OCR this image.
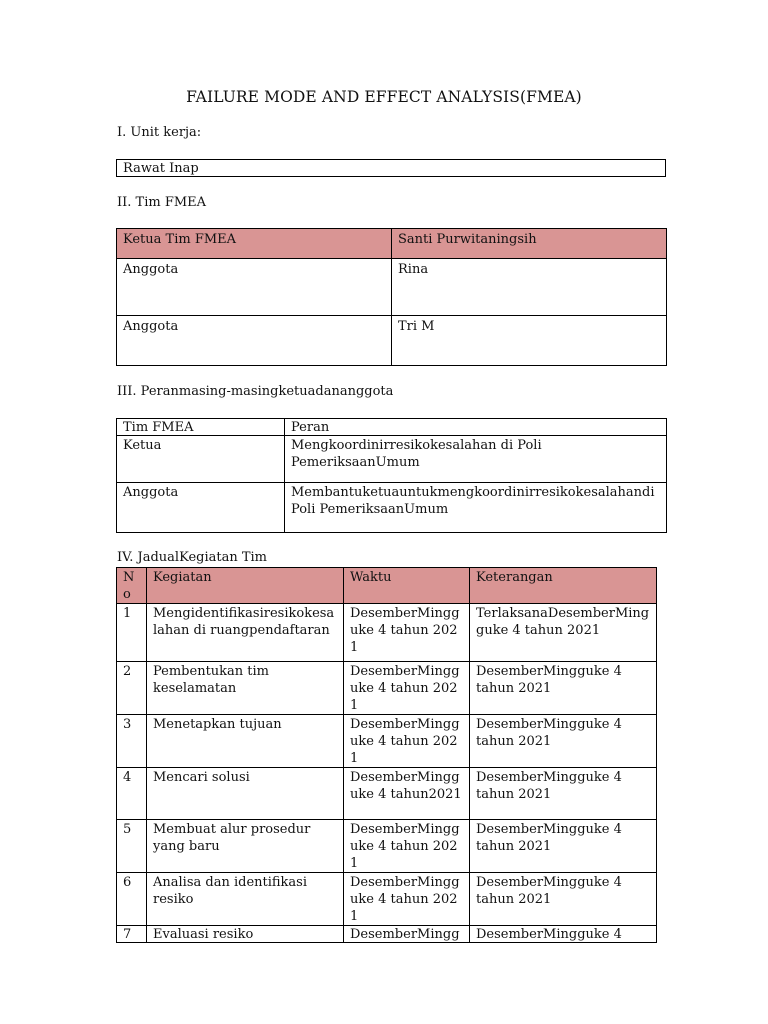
FAILURE MODE AND EFFECT ANALYSIS(FMEA)
I. Unit kerja:
Rawat Inap
II. Tim FMEA
Ketua Tim FMEA	Santi Purwitaningsih
Anggota	Rina
Anggota	Tri M
III. Peranmasing-masingketuadananggota
Tim FMEA	Peran
Ketua	Mengkoordinirresikokesalahan di Poli PemeriksaanUmum
Anggota	Membantuketuauntukmengkoordinirresikokesalahandi Poli PemeriksaanUmum
IV. JadualKegiatan Tim
No	Kegiatan	Waktu	Keterangan
1	Mengidentifikasiresikokesalahan di ruangpendaftaran	DesemberMingguke 4 tahun 2021	TerlaksanaDesemberMingguke 4 tahun 2021
2	Pembentukan tim keselamatan	DesemberMingguke 4 tahun 2021	DesemberMingguke 4 tahun 2021
3	Menetapkan tujuan	DesemberMingguke 4 tahun 2021	DesemberMingguke 4 tahun 2021
4	Mencari solusi	DesemberMingguke 4 tahun2021	DesemberMingguke 4 tahun 2021
5	Membuat alur prosedur yang baru	DesemberMingguke 4 tahun 2021	DesemberMingguke 4 tahun 2021
6	Analisa dan identifikasi resiko	DesemberMingguke 4 tahun 2021	DesemberMingguke 4 tahun 2021
7	Evaluasi resiko	DesemberMingg	DesemberMingguke 4
